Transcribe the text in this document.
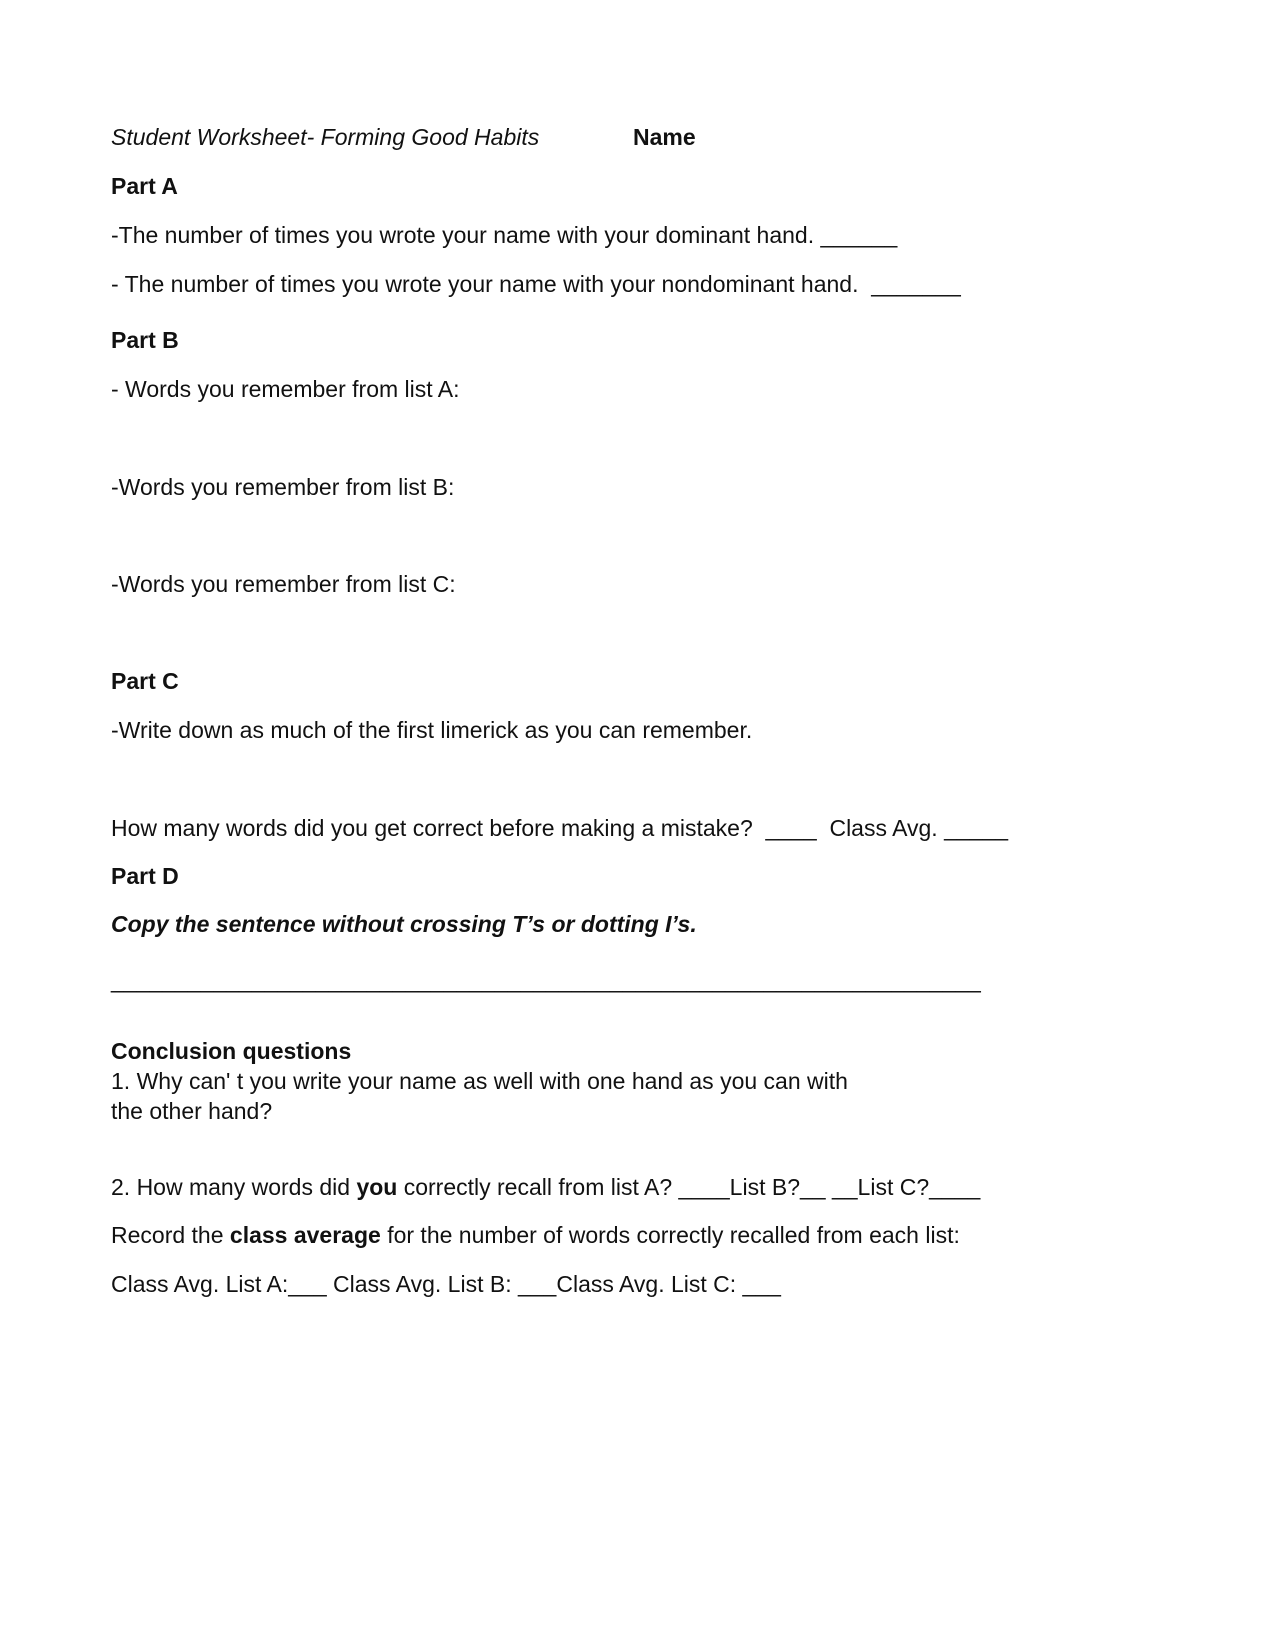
Student Worksheet- Forming Good Habits	Name
Part A
-The number of times you wrote your name with your dominant hand. ______
- The number of times you wrote your name with your nondominant hand.  _______
Part B
- Words you remember from list A:
-Words you remember from list B:
-Words you remember from list C:
Part C
-Write down as much of the first limerick as you can remember.
How many words did you get correct before making a mistake?  ____  Class Avg. _____
Part D
Copy the sentence without crossing T’s or dotting I’s.
____________________________________________________________________
Conclusion questions
1. Why can' t you write your name as well with one hand as you can with
the other hand?
2. How many words did you correctly recall from list A? ____List B?__ __List C?____
Record the class average for the number of words correctly recalled from each list:
Class Avg. List A:___ Class Avg. List B: ___Class Avg. List C: ___
